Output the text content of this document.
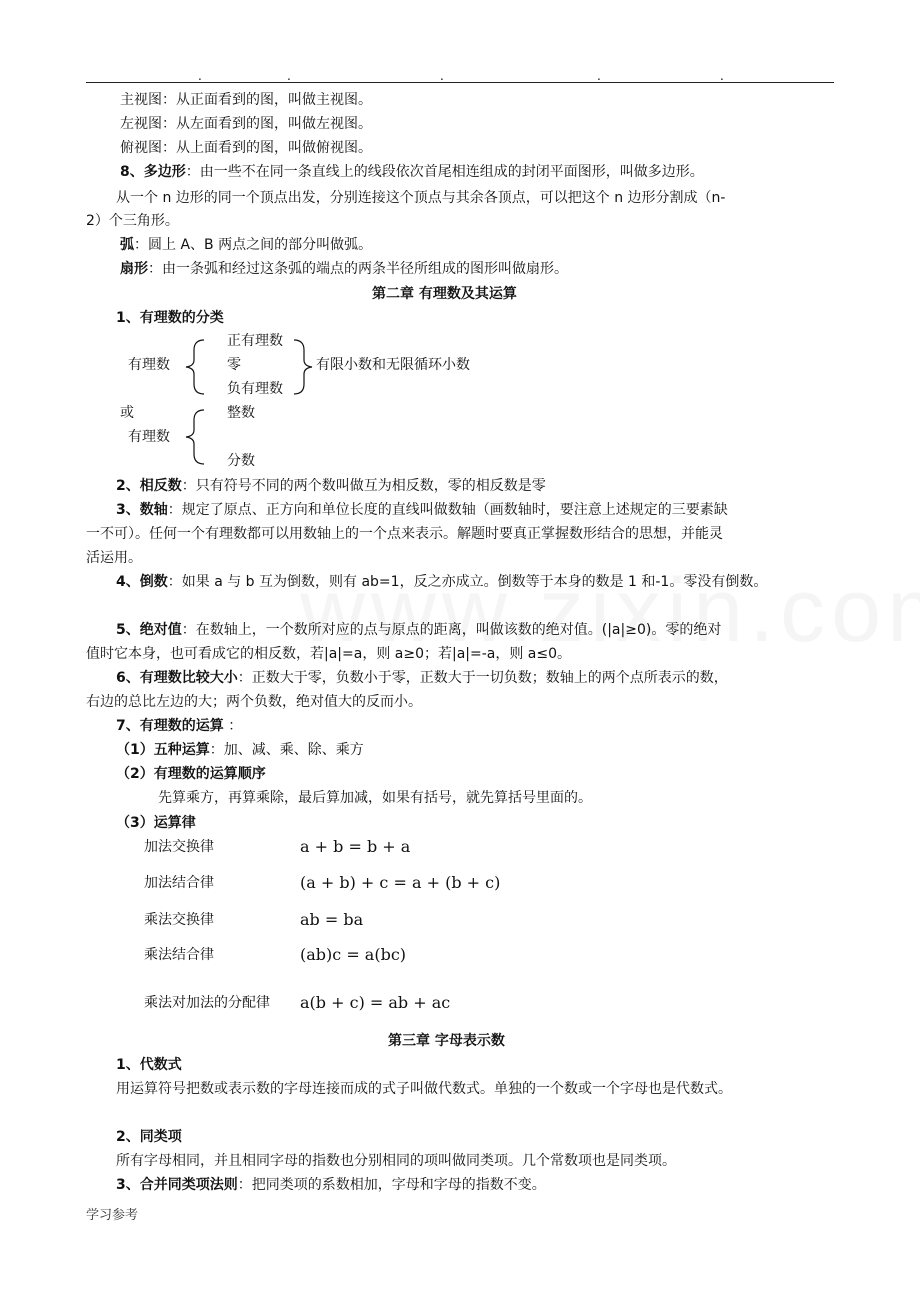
.	.	.	.	.
主视图：从正面看到的图，叫做主视图。
左视图：从左面看到的图，叫做左视图。
俯视图：从上面看到的图，叫做俯视图。
8、多边形：由一些不在同一条直线上的线段依次首尾相连组成的封闭平面图形，叫做多边形。
从一个 n 边形的同一个顶点出发，分别连接这个顶点与其余各顶点，可以把这个 n 边形分割成（n-
2）个三角形。
弧：圆上 A、B 两点之间的部分叫做弧。
扇形：由一条弧和经过这条弧的端点的两条半径所组成的图形叫做扇形。
第二章 有理数及其运算
1、有理数的分类
有理数
正有理数
零
负有理数
有限小数和无限循环小数
或
有理数
整数
分数
2、相反数：只有符号不同的两个数叫做互为相反数，零的相反数是零
3、数轴：规定了原点、正方向和单位长度的直线叫做数轴（画数轴时，要注意上述规定的三要素缺
一不可）。任何一个有理数都可以用数轴上的一个点来表示。解题时要真正掌握数形结合的思想，并能灵
活运用。
4、倒数：如果 a 与 b 互为倒数，则有 ab=1，反之亦成立。倒数等于本身的数是 1 和-1。零没有倒数。
5、绝对值：在数轴上，一个数所对应的点与原点的距离，叫做该数的绝对值。(|a|≥0)。零的绝对
值时它本身，也可看成它的相反数，若|a|=a，则 a≥0；若|a|=-a，则 a≤0。
6、有理数比较大小：正数大于零，负数小于零，正数大于一切负数；数轴上的两个点所表示的数，
右边的总比左边的大；两个负数，绝对值大的反而小。
7、有理数的运算 ：
（1）五种运算：加、减、乘、除、乘方
（2）有理数的运算顺序
先算乘方，再算乘除，最后算加减，如果有括号，就先算括号里面的。
（3）运算律
加法交换律	a + b = b + a
加法结合律	(a + b) + c = a + (b + c)
乘法交换律	ab = ba
乘法结合律	(ab)c = a(bc)
乘法对加法的分配律 a(b + c) = ab + ac
第三章 字母表示数
1、代数式
用运算符号把数或表示数的字母连接而成的式子叫做代数式。单独的一个数或一个字母也是代数式。
2、同类项
所有字母相同，并且相同字母的指数也分别相同的项叫做同类项。几个常数项也是同类项。
3、合并同类项法则：把同类项的系数相加，字母和字母的指数不变。
学习参考
